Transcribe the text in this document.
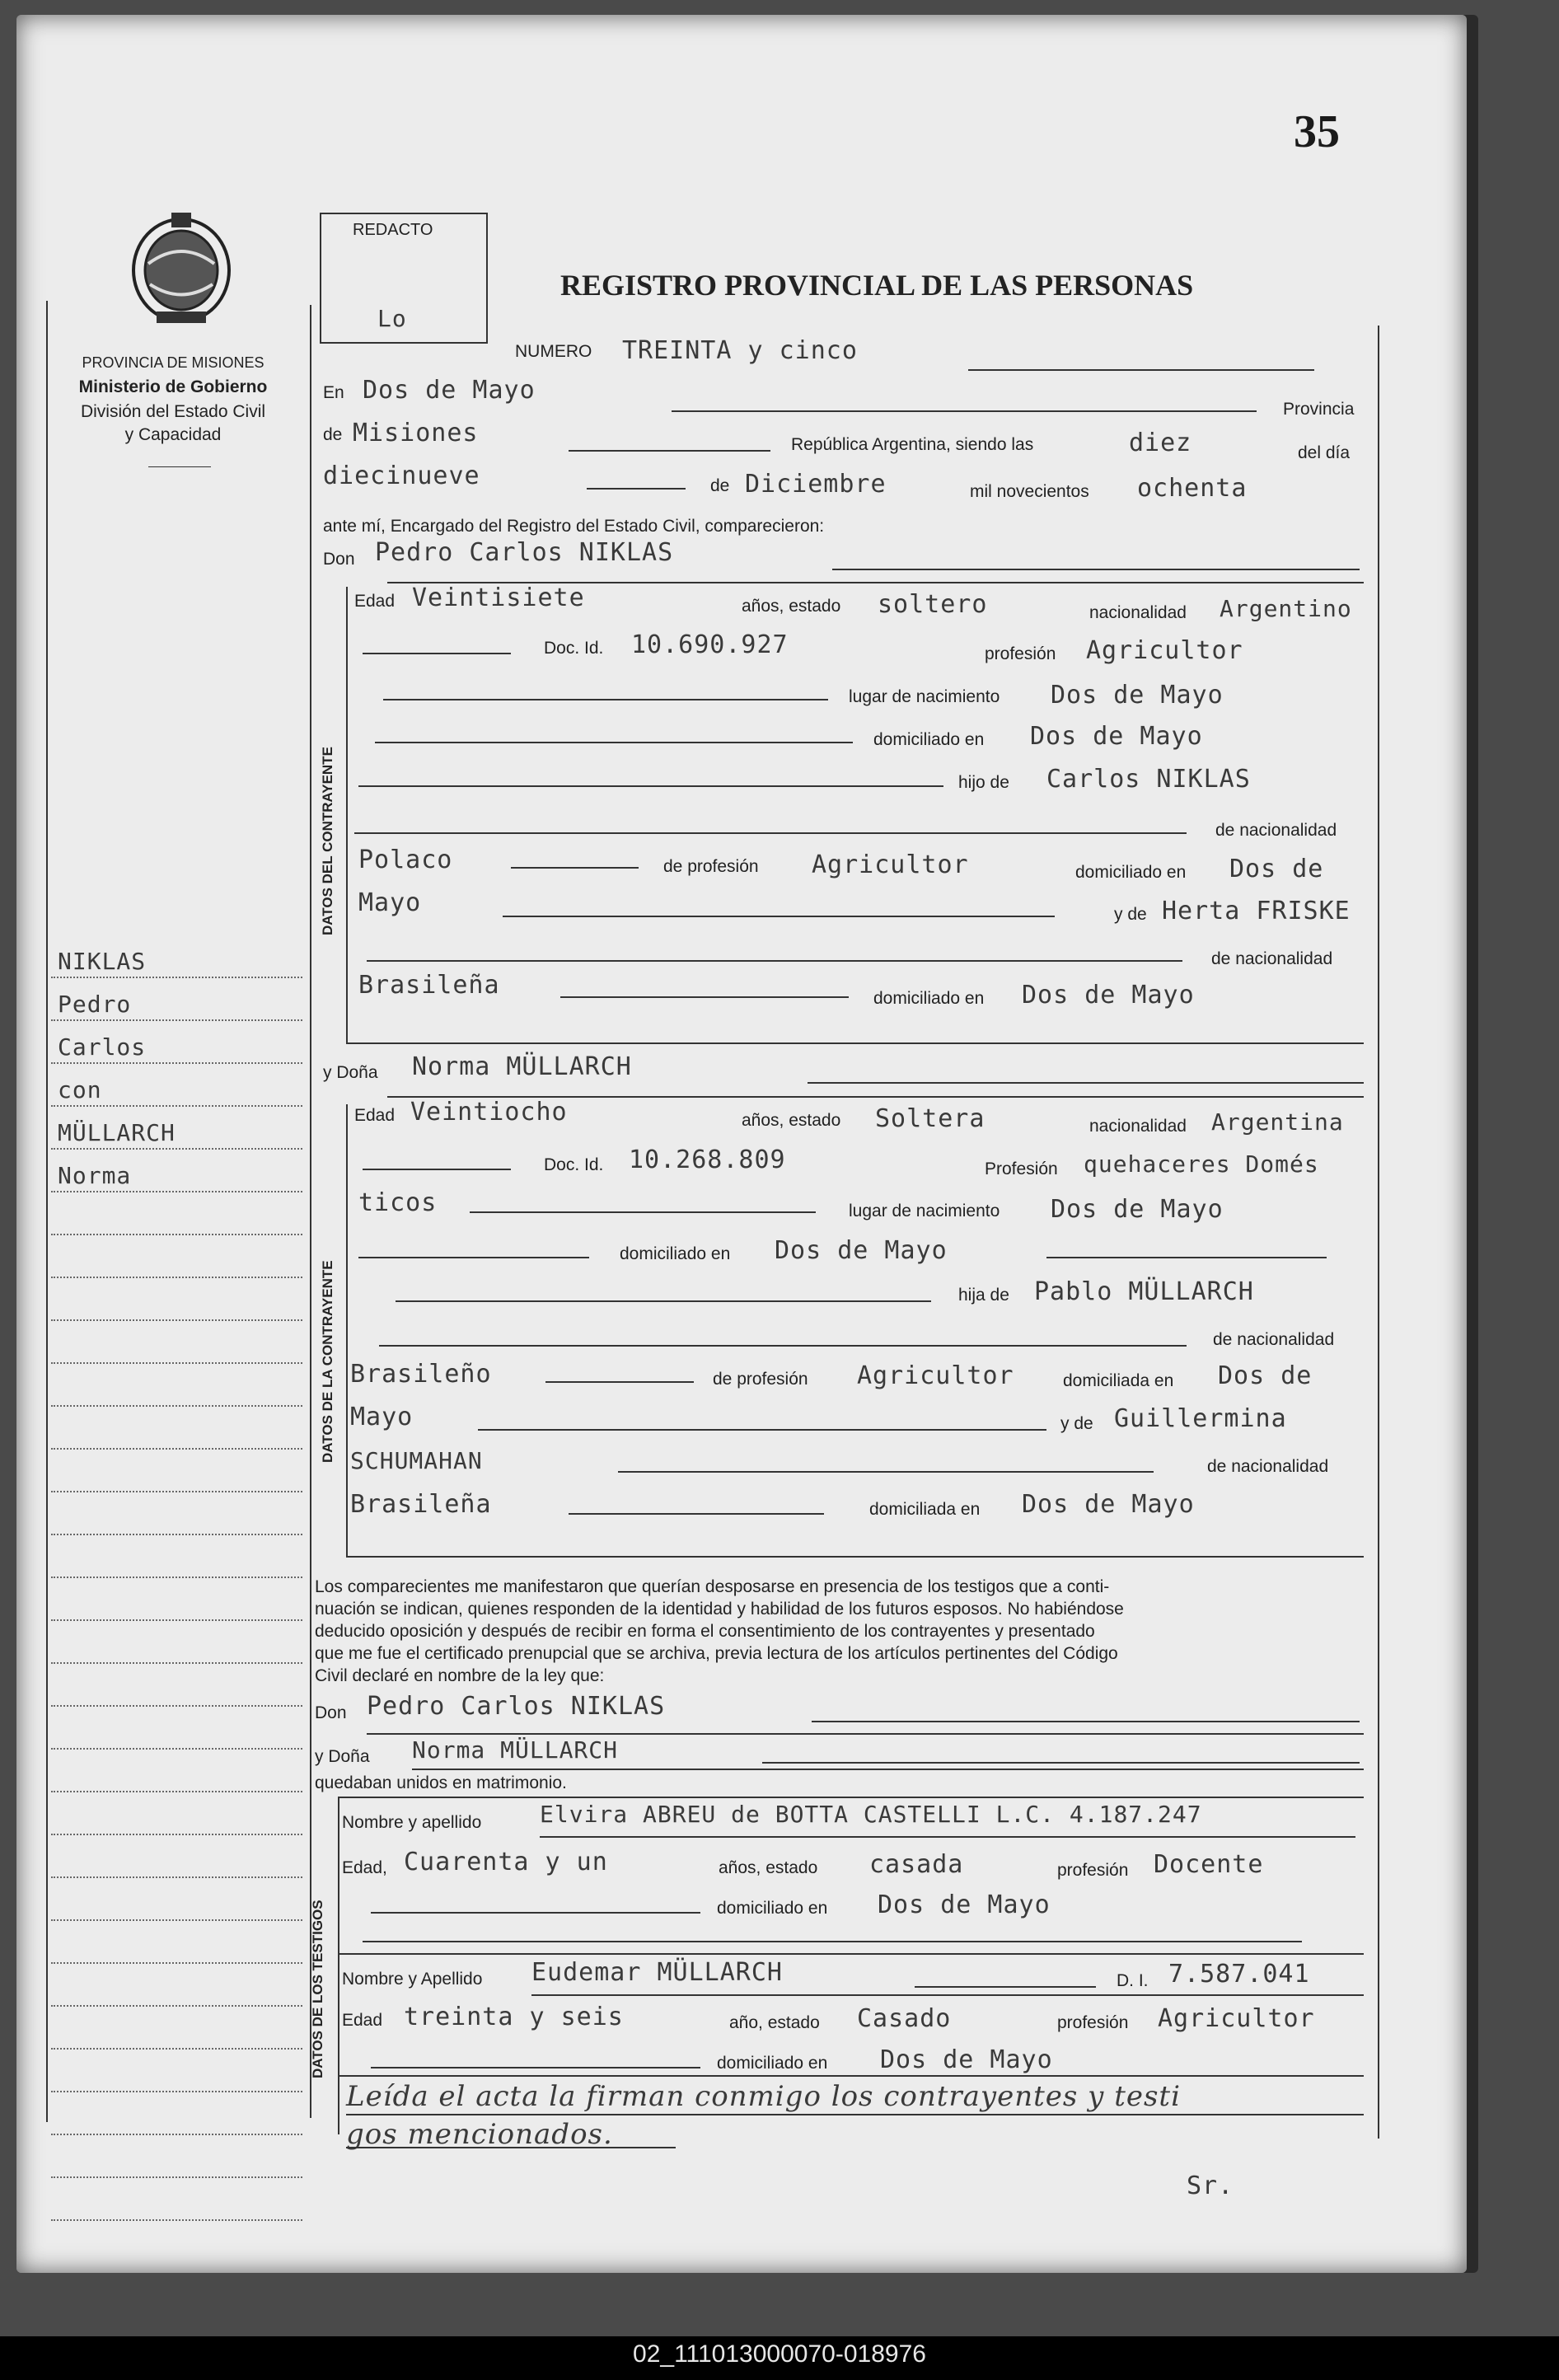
35
PROVINCIA DE MISIONES
Ministerio de Gobierno
División del Estado Civil
y Capacidad
NIKLAS
Pedro
Carlos
con
MÜLLARCH
Norma
REDACTO
Lo
REGISTRO PROVINCIAL DE LAS PERSONAS
NUMERO TREINTA y cinco
En Dos de Mayo
Provincia
de Misiones	República Argentina, siendo las	diez	del día
diecinueve	de Diciembre	mil novecientos ochenta
ante mí, Encargado del Registro del Estado Civil, comparecieron:
Don Pedro Carlos NIKLAS
DATOS DEL CONTRAYENTE
Edad Veintisiete	años, estado soltero	nacionalidad Argentino
Doc. Id. 10.690.927	profesión Agricultor
lugar de nacimiento Dos de Mayo
domiciliado en Dos de Mayo
hijo de Carlos NIKLAS
de nacionalidad
Polaco	de profesión Agricultor	domiciliado en Dos de
Mayo	y de Herta FRISKE
de nacionalidad
Brasileña	domiciliado en Dos de Mayo
y Doña Norma MÜLLARCH
DATOS DE LA CONTRAYENTE
Edad Veintiocho	años, estado Soltera	nacionalidad Argentina
Doc. Id. 10.268.809	Profesión quehaceres Domés
ticos	lugar de nacimiento Dos de Mayo
domiciliado en Dos de Mayo
hija de Pablo MÜLLARCH
de nacionalidad
Brasileño	de profesión Agricultor	domiciliada en Dos de
Mayo	y de Guillermina
SCHUMAHAN	de nacionalidad
Brasileña	domiciliada en Dos de Mayo
Los comparecientes me manifestaron que querían desposarse en presencia de los testigos que a conti-
nuación se indican, quienes responden de la identidad y habilidad de los futuros esposos. No habiéndose
deducido oposición y después de recibir en forma el consentimiento de los contrayentes y presentado
que me fue el certificado prenupcial que se archiva, previa lectura de los artículos pertinentes del Código
Civil declaré en nombre de la ley que:
Don Pedro Carlos NIKLAS
y Doña Norma MÜLLARCH
quedaban unidos en matrimonio.
DATOS DE LOS TESTIGOS
Nombre y apellido	Elvira ABREU de BOTTA CASTELLI L.C. 4.187.247
Edad, Cuarenta y un	años, estado casada	profesión Docente
domiciliado en Dos de Mayo
Nombre y Apellido Eudemar MÜLLARCH	D. I. 7.587.041
Edad treinta y seis	año, estado Casado	profesión Agricultor
domiciliado en Dos de Mayo
Leída el acta la firman conmigo los contrayentes y testi
gos mencionados.
Sr.
02_111013000070-018976
